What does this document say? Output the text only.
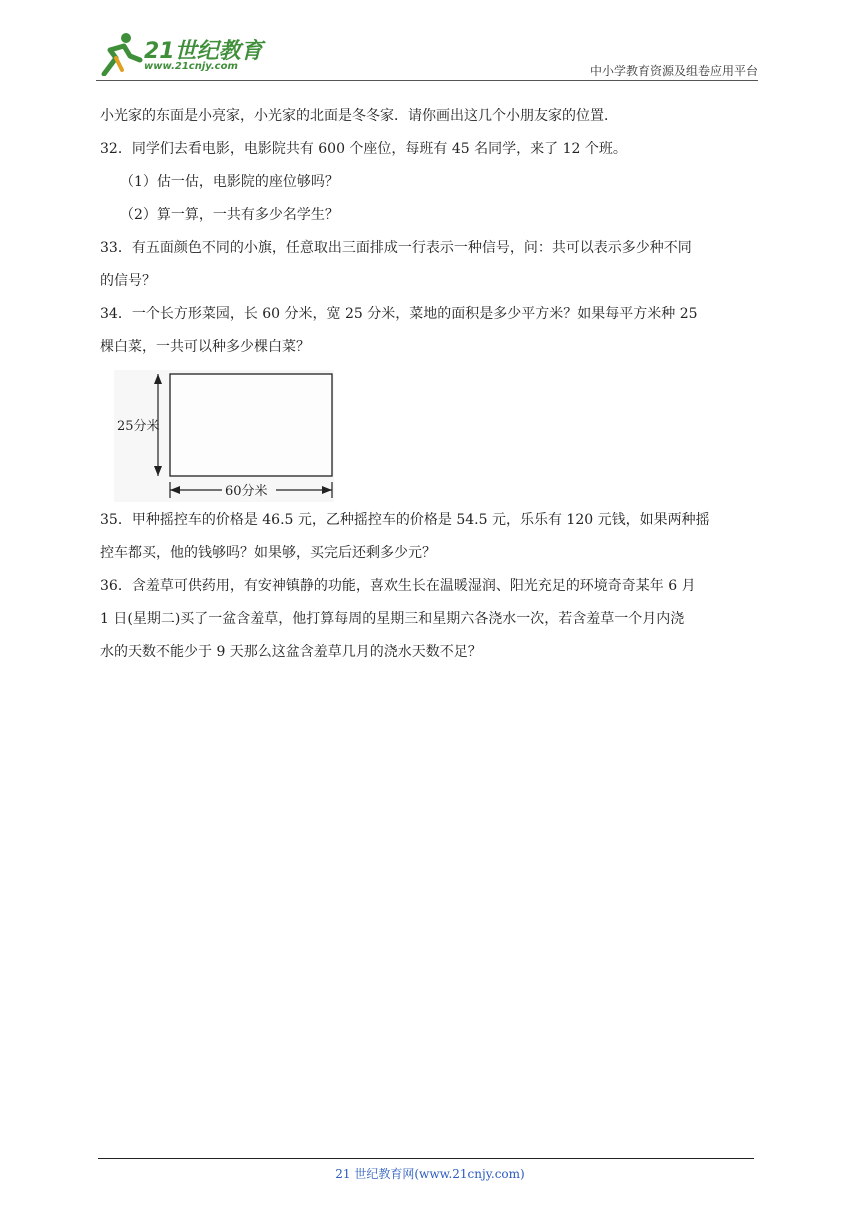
21世纪教育
www.21cnjy.com	中小学教育资源及组卷应用平台

小光家的东面是小亮家，小光家的北面是冬冬家．请你画出这几个小朋友家的位置．

32．同学们去看电影，电影院共有 600 个座位，每班有 45 名同学，来了 12 个班。

（1）估一估，电影院的座位够吗？

（2）算一算，一共有多少名学生？

33．有五面颜色不同的小旗，任意取出三面排成一行表示一种信号，问：共可以表示多少种不同

的信号？

34．一个长方形菜园，长 60 分米，宽 25 分米，菜地的面积是多少平方米？如果每平方米种 25

棵白菜，一共可以种多少棵白菜？

25分米
60分米

35．甲种摇控车的价格是 46.5 元，乙种摇控车的价格是 54.5 元，乐乐有 120 元钱，如果两种摇

控车都买，他的钱够吗？如果够，买完后还剩多少元？

36．含羞草可供药用，有安神镇静的功能，喜欢生长在温暖湿润、阳光充足的环境奇奇某年 6 月

1 日(星期二)买了一盆含羞草，他打算每周的星期三和星期六各浇水一次，若含羞草一个月内浇

水的天数不能少于 9 天那么这盆含羞草几月的浇水天数不足？

21 世纪教育网(www.21cnjy.com)
